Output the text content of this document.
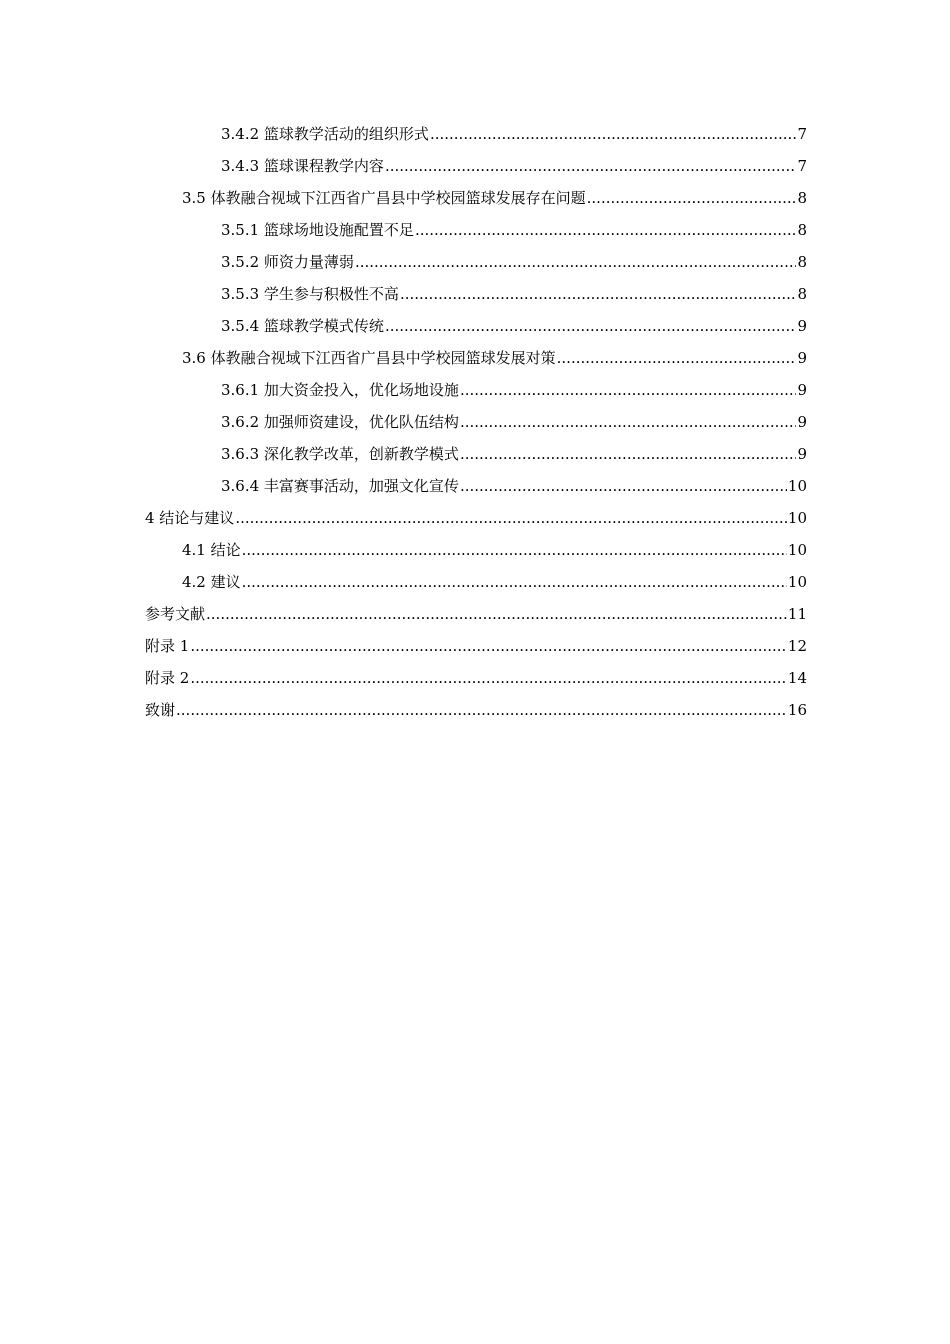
3.4.2 篮球教学活动的组织形式 .....	7
3.4.3 篮球课程教学内容 .....	7
3.5 体教融合视域下江西省广昌县中学校园篮球发展存在问题 .....	8
3.5.1 篮球场地设施配置不足 .....	8
3.5.2 师资力量薄弱 .....	8
3.5.3 学生参与积极性不高 .....	8
3.5.4 篮球教学模式传统 .....	9
3.6 体教融合视域下江西省广昌县中学校园篮球发展对策 .....	9
3.6.1 加大资金投入，优化场地设施 .....	9
3.6.2 加强师资建设，优化队伍结构 .....	9
3.6.3 深化教学改革，创新教学模式 .....	9
3.6.4 丰富赛事活动，加强文化宣传 .....	10
4 结论与建议 .....	10
4.1 结论 .....	10
4.2 建议 .....	10
参考文献 .....	11
附录 1 .....	12
附录 2 .....	14
致谢 .....	16
